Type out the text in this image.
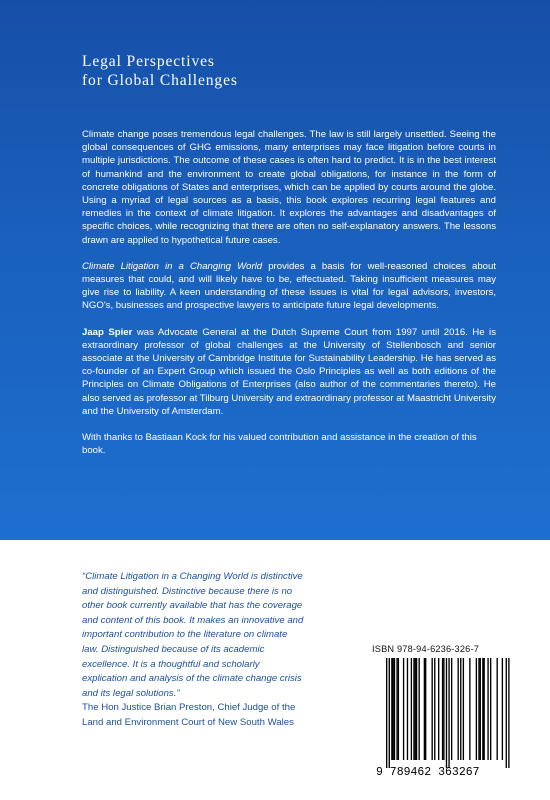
Legal Perspectives
for Global Challenges

Climate change poses tremendous legal challenges. The law is still largely unsettled. Seeing the global consequences of GHG emissions, many enterprises may face litigation before courts in multiple jurisdictions. The outcome of these cases is often hard to predict. It is in the best interest of humankind and the environment to create global obligations, for instance in the form of concrete obligations of States and enterprises, which can be applied by courts around the globe. Using a myriad of legal sources as a basis, this book explores recurring legal features and remedies in the context of climate litigation. It explores the advantages and disadvantages of specific choices, while recognizing that there are often no self-explanatory answers. The lessons drawn are applied to hypothetical future cases.

Climate Litigation in a Changing World provides a basis for well-reasoned choices about measures that could, and will likely have to be, effectuated. Taking insufficient measures may give rise to liability. A keen understanding of these issues is vital for legal advisors, investors, NGO's, businesses and prospective lawyers to anticipate future legal developments.

Jaap Spier was Advocate General at the Dutch Supreme Court from 1997 until 2016. He is extraordinary professor of global challenges at the University of Stellenbosch and senior associate at the University of Cambridge Institute for Sustainability Leadership. He has served as co-founder of an Expert Group which issued the Oslo Principles as well as both editions of the Principles on Climate Obligations of Enterprises (also author of the commentaries thereto). He also served as professor at Tilburg University and extraordinary professor at Maastricht University and the University of Amsterdam.

With thanks to Bastiaan Kock for his valued contribution and assistance in the creation of this book.

“Climate Litigation in a Changing World is distinctive and distinguished. Distinctive because there is no other book currently available that has the coverage and content of this book. It makes an innovative and important contribution to the literature on climate law. Distinguished because of its academic excellence. It is a thoughtful and scholarly explication and analysis of the climate change crisis and its legal solutions.”
The Hon Justice Brian Preston, Chief Judge of the Land and Environment Court of New South Wales
ISBN 978-94-6236-326-7
9 789462 363267
